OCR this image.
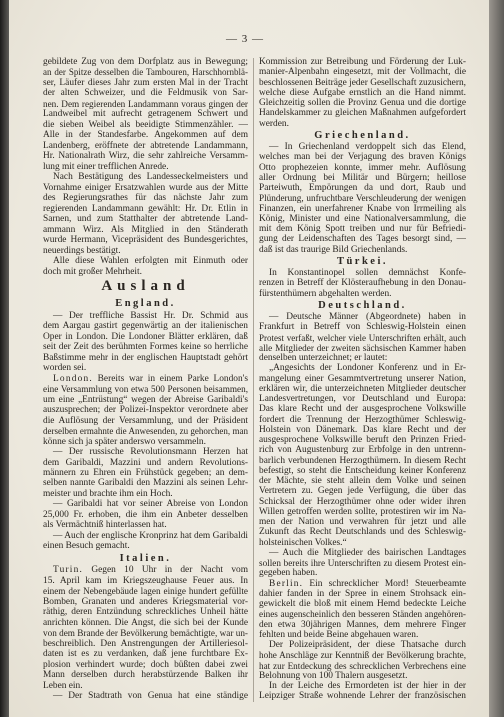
— 3 —
gebildete Zug von dem Dorfplatz aus in Bewegung;
an der Spitze desselben die Tambouren, Harschhornblä-
ser, Läufer dieses Jahr zum ersten Mal in der Tracht
der alten Schweizer, und die Feldmusik von Sar-
nen. Dem regierenden Landammann voraus gingen der
Landweibel mit aufrecht getragenem Schwert und
die sieben Weibel als beeidigte Stimmenzähler. —
Alle in der Standesfarbe. Angekommen auf dem
Landenberg, eröffnete der abtretende Landammann,
Hr. Nationalrath Wirz, die sehr zahlreiche Versamm-
lung mit einer trefflichen Anrede.
Nach Bestätigung des Landesseckelmeisters und
Vornahme einiger Ersatzwahlen wurde aus der Mitte
des Regierungsrathes für das nächste Jahr zum
regierenden Landammann gewählt: Hr. Dr. Etlin in
Sarnen, und zum Statthalter der abtretende Land-
ammann Wirz. Als Mitglied in den Ständerath
wurde Hermann, Vicepräsident des Bundesgerichtes,
neuerdings bestätigt.
Alle diese Wahlen erfolgten mit Einmuth oder
doch mit großer Mehrheit.
Ausland
England.
— Der treffliche Bassist Hr. Dr. Schmid aus
dem Aargau gastirt gegenwärtig an der italienischen
Oper in London. Die Londoner Blätter erklären, daß
seit der Zeit des berühmten Formes keine so herrliche
Baßstimme mehr in der englischen Hauptstadt gehört
worden sei.
London. Bereits war in einem Parke London's
eine Versammlung von etwa 500 Personen beisammen,
um eine „Entrüstung“ wegen der Abreise Garibaldi's
auszusprechen; der Polizei-Inspektor verordnete aber
die Auflösung der Versammlung, und der Präsident
derselben ermahnte die Anwesenden, zu gehorchen, man
könne sich ja später anderswo versammeln.
— Der russische Revolutionsmann Herzen hat
dem Garibaldi, Mazzini und andern Revolutions-
männern zu Ehren ein Frühstück gegeben; an dem-
selben nannte Garibaldi den Mazzini als seinen Lehr-
meister und brachte ihm ein Hoch.
— Garibaldi hat vor seiner Abreise von London
25,000 Fr. erhoben, die ihm ein Anbeter desselben
als Vermächtniß hinterlassen hat.
— Auch der englische Kronprinz hat dem Garibaldi
einen Besuch gemacht.
Italien.
Turin. Gegen 10 Uhr in der Nacht vom
15. April kam im Kriegszeughause Feuer aus. In
einem der Nebengebäude lagen einige hundert gefüllte
Bomben, Granaten und anderes Kriegsmaterial vor-
räthig, deren Entzündung schreckliches Unheil hätte
anrichten können. Die Angst, die sich bei der Kunde
von dem Brande der Bevölkerung bemächtigte, war un-
beschreiblich. Den Anstrengungen der Artilleriesol-
daten ist es zu verdanken, daß jene furchtbare Ex-
plosion verhindert wurde; doch büßten dabei zwei
Mann derselben durch herabstürzende Balken ihr
Leben ein.
— Der Stadtrath von Genua hat eine ständige
Kommission zur Betreibung und Förderung der Luk-
manier-Alpenbahn eingesetzt, mit der Vollmacht, die
beschlossenen Beiträge jeder Gesellschaft zuzusichern,
welche diese Aufgabe ernstlich an die Hand nimmt.
Gleichzeitig sollen die Provinz Genua und die dortige
Handelskammer zu gleichen Maßnahmen aufgefordert
werden.
Griechenland.
— In Griechenland verdoppelt sich das Elend,
welches man bei der Verjagung des braven Königs
Otto prophezeien konnte, immer mehr. Auflösung
aller Ordnung bei Militär und Bürgern; heillose
Parteiwuth, Empörungen da und dort, Raub und
Plünderung, unfruchtbare Verschleuderung der wenigen
Finanzen, ein unerfahrener Knabe von Irrmeiling als
König, Minister und eine Nationalversammlung, die
mit dem König Spott treiben und nur für Befriedi-
gung der Leidenschaften des Tages besorgt sind, —
daß ist das traurige Bild Griechenlands.
Türkei.
In Konstantinopel sollen demnächst Konfe-
renzen in Betreff der Klösteraufhebung in den Donau-
fürstenthümern abgehalten werden.
Deutschland.
— Deutsche Männer (Abgeordnete) haben in
Frankfurt in Betreff von Schleswig-Holstein einen
Protest verfaßt, welcher viele Unterschriften erhält, auch
alle Mitglieder der zweiten sächsischen Kammer haben
denselben unterzeichnet; er lautet:
„Angesichts der Londoner Konferenz und in Er-
mangelung einer Gesammtvertretung unserer Nation,
erklären wir, die unterzeichneten Mitglieder deutscher
Landesvertretungen, vor Deutschland und Europa:
Das klare Recht und der ausgesprochene Volkswille
fordert die Trennung der Herzogthümer Schleswig-
Holstein von Dänemark. Das klare Recht und der
ausgesprochene Volkswille beruft den Prinzen Fried-
rich von Augustenburg zur Erbfolge in den untrenn-
barlich verbundenen Herzogthümern. In diesem Recht
befestigt, so steht die Entscheidung keiner Konferenz
der Mächte, sie steht allein dem Volke und seinen
Vertretern zu. Gegen jede Verfügung, die über das
Schicksal der Herzogthümer ohne oder wider ihren
Willen getroffen werden sollte, protestiren wir im Na-
men der Nation und verwahren für jetzt und alle
Zukunft das Recht Deutschlands und des Schleswig-
holsteinischen Volkes.“
— Auch die Mitglieder des bairischen Landtages
sollen bereits ihre Unterschriften zu diesem Protest ein-
gegeben haben.
Berlin. Ein schrecklicher Mord! Steuerbeamte
dahier fanden in der Spree in einem Strohsack ein-
gewickelt die bloß mit einem Hemd bedeckte Leiche
eines augenscheinlich den besseren Ständen angehören-
den etwa 30jährigen Mannes, dem mehrere Finger
fehlten und beide Beine abgehauen waren.
Der Polizeipräsident, der diese Thatsache durch
hohe Anschläge zur Kenntniß der Bevölkerung brachte,
hat zur Entdeckung des schrecklichen Verbrechens eine
Belohnung von 100 Thalern ausgesetzt.
In der Leiche des Ermordeten ist der hier in der
Leipziger Straße wohnende Lehrer der französischen
